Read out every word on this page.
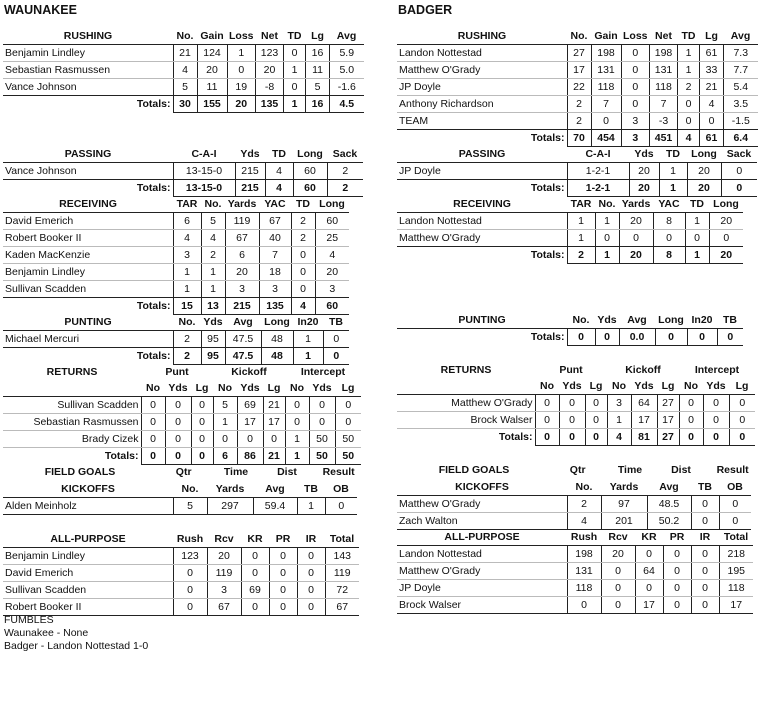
WAUNAKEE
RUSHING	No.	Gain	Loss	Net	TD	Lg	Avg
Benjamin Lindley	21	124	1	123	0	16	5.9
Sebastian Rasmussen	4	20	0	20	1	11	5.0
Vance Johnson	5	11	19	-8	0	5	-1.6
Totals:	30	155	20	135	1	16	4.5
PASSING	C-A-I	Yds	TD	Long	Sack
Vance Johnson	13-15-0	215	4	60	2
Totals:	13-15-0	215	4	60	2
RECEIVING	TAR	No.	Yards	YAC	TD	Long
David Emerich	6	5	119	67	2	60
Robert Booker II	4	4	67	40	2	25
Kaden MacKenzie	3	2	6	7	0	4
Benjamin Lindley	1	1	20	18	0	20
Sullivan Scadden	1	1	3	3	0	3
Totals:	15	13	215	135	4	60
PUNTING	No.	Yds	Avg	Long	In20	TB
Michael Mercuri	2	95	47.5	48	1	0
Totals:	2	95	47.5	48	1	0
RETURNS	Punt			Kickoff			Intercept		
	No	Yds	Lg	No	Yds	Lg	No	Yds	Lg
Sullivan Scadden	0	0	0	5	69	21	0	0	0
Sebastian Rasmussen	0	0	0	1	17	17	0	0	0
Brady Cizek	0	0	0	0	0	0	1	50	50
Totals:	0	0	0	6	86	21	1	50	50
FIELD GOALS	Qtr	Time	Dist	Result
KICKOFFS	No.	Yards	Avg	TB	OB
Alden Meinholz	5	297	59.4	1	0
ALL-PURPOSE	Rush	Rcv	KR	PR	IR	Total
Benjamin Lindley	123	20	0	0	0	143
David Emerich	0	119	0	0	0	119
Sullivan Scadden	0	3	69	0	0	72
Robert Booker II	0	67	0	0	0	67
FUMBLES
Waunakee - None
Badger - Landon Nottestad 1-0
BADGER
RUSHING	No.	Gain	Loss	Net	TD	Lg	Avg
Landon Nottestad	27	198	0	198	1	61	7.3
Matthew O'Grady	17	131	0	131	1	33	7.7
JP Doyle	22	118	0	118	2	21	5.4
Anthony Richardson	2	7	0	7	0	4	3.5
TEAM	2	0	3	-3	0	0	-1.5
Totals:	70	454	3	451	4	61	6.4
PASSING	C-A-I	Yds	TD	Long	Sack
JP Doyle	1-2-1	20	1	20	0
Totals:	1-2-1	20	1	20	0
RECEIVING	TAR	No.	Yards	YAC	TD	Long
Landon Nottestad	1	1	20	8	1	20
Matthew O'Grady	1	0	0	0	0	0
Totals:	2	1	20	8	1	20
PUNTING	No.	Yds	Avg	Long	In20	TB
Totals:	0	0	0.0	0	0	0
RETURNS	Punt			Kickoff			Intercept		
	No	Yds	Lg	No	Yds	Lg	No	Yds	Lg
Matthew O'Grady	0	0	0	3	64	27	0	0	0
Brock Walser	0	0	0	1	17	17	0	0	0
Totals:	0	0	0	4	81	27	0	0	0
FIELD GOALS	Qtr	Time	Dist	Result
KICKOFFS	No.	Yards	Avg	TB	OB
Matthew O'Grady	2	97	48.5	0	0
Zach Walton	4	201	50.2	0	0
ALL-PURPOSE	Rush	Rcv	KR	PR	IR	Total
Landon Nottestad	198	20	0	0	0	218
Matthew O'Grady	131	0	64	0	0	195
JP Doyle	118	0	0	0	0	118
Brock Walser	0	0	17	0	0	17
